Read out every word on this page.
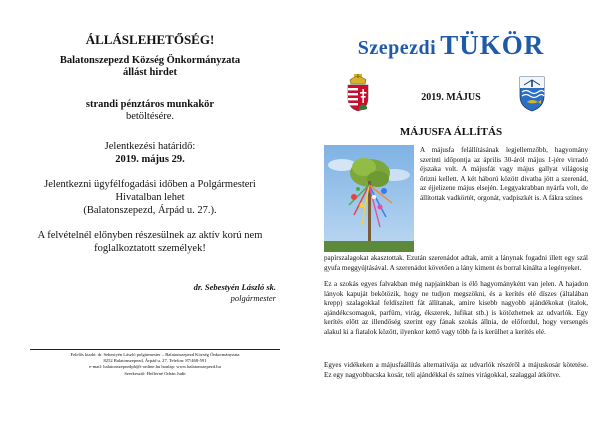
ÁLLÁSLEHETŐSÉG!
Balatonszepezd Község Önkormányzata
állást hirdet
strandi pénztáros munkakör
betöltésére.
Jelentkezési határidő:
2019. május 29.
Jelentkezni ügyfélfogadási időben a Polgármesteri
Hivatalban lehet
(Balatonszepezd, Árpád u. 27.).
A felvételnél előnyben részesülnek az aktív korú nem
foglalkoztatott személyek!
dr. Sebestyén László sk.
polgármester
Felelős kiadó: dr. Sebestyén László polgármester – Balatonszepezd Község Önkormányzata
8252 Balatonszepezd, Árpád u. 27. Telefon: 87/468-591
e-mail: balatonszepezdph@t-online.hu honlap: www.balatonszepezd.hu
Szerkesztő: Hefferné Orbán Judit
Szepezdi TÜKÖR
2019. MÁJUS
MÁJUSFA ÁLLÍTÁS
A májusfa felállításának legjellemzőbb, hagyomány szerinti időpontja az április 30-áról május 1-jére virradó éjszaka volt. A májusfát vagy május gallyat világosig őrizni kellett. A két háború között divatba jött a szerenád, az éjjelizene május elsején. Leggyakrabban nyárfa volt, de állítottak vadkörtét, orgonát, vadpiszkét is. A fákra színes
papírszalagokat akasztottak. Ezután szerenádot adtak, amit a lánynak fogadni illett egy szál gyufa meggyújtásával. A szerenádot követően a lány kiment és borral kínálta a legényeket.
Ez a szokás egyes falvakban még napjainkban is élő hagyományként van jelen. A hajadon lányok kapuját bekötözik, hogy ne tudjon megszökni, és a kerítés elé díszes (általában krepp) szalagokkal feldíszített fát állítanak, amire kisebb nagyobb ajándékokat (italok, ajándékcsomagok, parfüm, virág, ékszerek, lufikat stb.) is kötözhetnek az udvarlók. Egy kerítés előtt az illendőség szerint egy fának szokás állnia, de előfordul, hogy versengés alakul ki a fiatalok között, ilyenkor kettő vagy több fa is kerülhet a kerítés elé.
Egyes vidékeken a májusfaállítás alternatívája az udvarlók részéről a májuskosár kötetése. Ez egy nagyobbacska kosár, teli ajándékkal és színes virágokkal, szalaggal átkötve.
